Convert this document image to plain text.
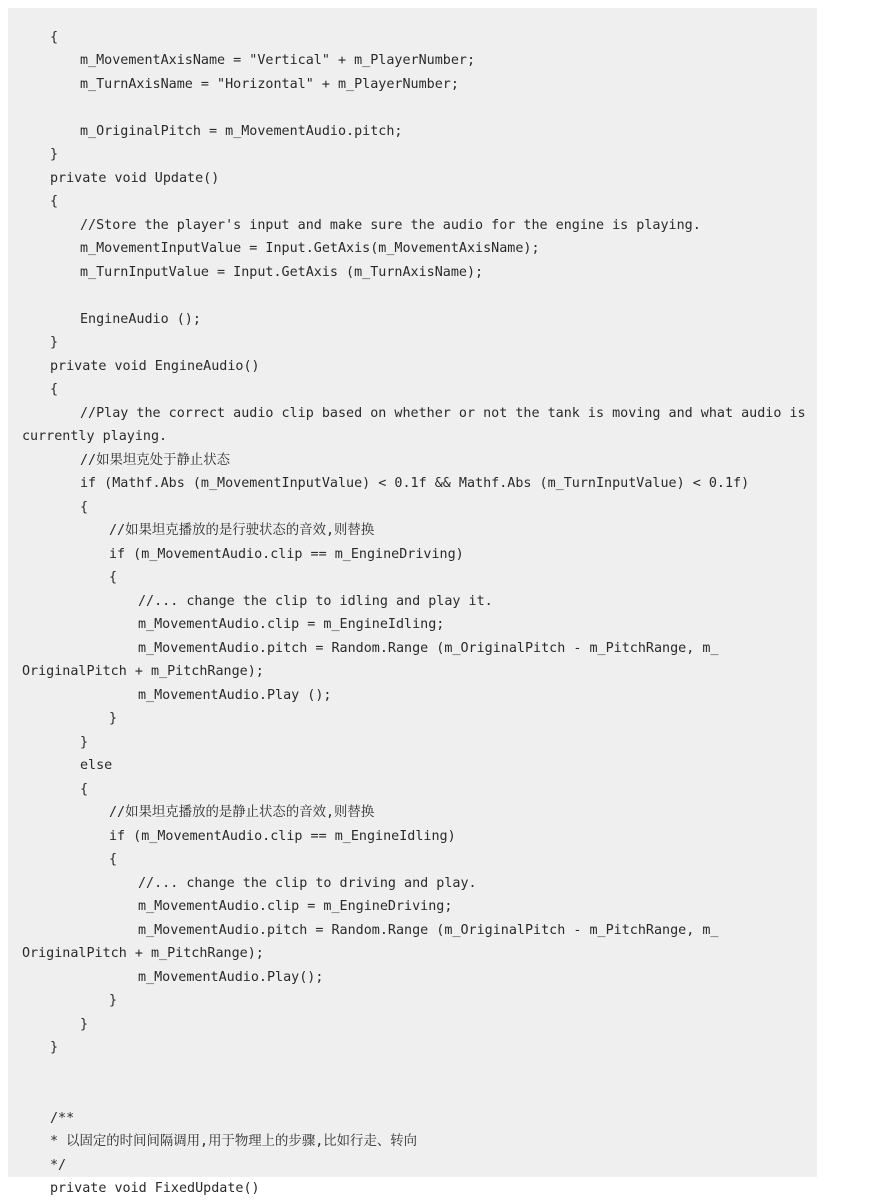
{
m_MovementAxisName = "Vertical" + m_PlayerNumber;
m_TurnAxisName = "Horizontal" + m_PlayerNumber;
m_OriginalPitch = m_MovementAudio.pitch;
}
private void Update()
{
//Store the player's input and make sure the audio for the engine is playing.
m_MovementInputValue = Input.GetAxis(m_MovementAxisName);
m_TurnInputValue = Input.GetAxis (m_TurnAxisName);
EngineAudio ();
}
private void EngineAudio()
{
//Play the correct audio clip based on whether or not the tank is moving and what audio is
currently playing.
//如果坦克处于静止状态
if (Mathf.Abs (m_MovementInputValue) < 0.1f && Mathf.Abs (m_TurnInputValue) < 0.1f)
{
//如果坦克播放的是行驶状态的音效,则替换
if (m_MovementAudio.clip == m_EngineDriving)
{
//... change the clip to idling and play it.
m_MovementAudio.clip = m_EngineIdling;
m_MovementAudio.pitch = Random.Range (m_OriginalPitch - m_PitchRange, m_
OriginalPitch + m_PitchRange);
m_MovementAudio.Play ();
}
}
else
{
//如果坦克播放的是静止状态的音效,则替换
if (m_MovementAudio.clip == m_EngineIdling)
{
//... change the clip to driving and play.
m_MovementAudio.clip = m_EngineDriving;
m_MovementAudio.pitch = Random.Range (m_OriginalPitch - m_PitchRange, m_
OriginalPitch + m_PitchRange);
m_MovementAudio.Play();
}
}
}
/**
* 以固定的时间间隔调用,用于物理上的步骤,比如行走、转向
*/
private void FixedUpdate()
